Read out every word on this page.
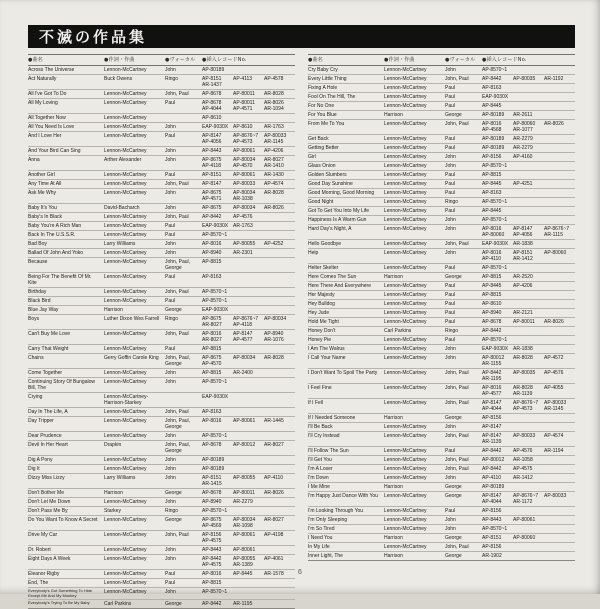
不滅の作品集
●曲名	●作詞・作曲	●ヴォーカル	●挿入レコードNo.
Across The Universe	Lennon-McCartney	John	AP-80189
Act Naturally	Buck Owens	Ringo	AP-8151	AP-4113	AP-4578
AR-1437
All I've Got To Do	Lennon-McCartney	John, Paul	AP-8678	AP-80011	AR-8028
All My Loving	Lennon-McCartney	Paul	AP-8678	AP-80011	AR-8026
AP-4044	AP-4571	AR-1094
All Together Now	Lennon-McCartney	AP-8610
All You Need Is Love	Lennon-McCartney	John	EAP-9030X AP-8610	AR-1763
And I Love Her	Lennon-McCartney	Paul	AP-8147	AP-8676~7	AP-80033
AP-4056	AP-4573	AR-1145
And Your Bird Can Sing	Lennon-McCartney	John	AP-8443	AP-80061	AP-4206
Anna	Arther Alexander	John	AP-8675	AP-80034	AR-8027
AP-4118	AP-4570	AR-1410
Another Girl	Lennon-McCartney	Paul	AP-8151	AP-80061	AR-1430
Any Time At All	Lennon-McCartney	John, Paul	AP-8147	AP-80033	AP-4574
Ask Me Why	Lennon-McCartney	John	AP-8675	AP-80034	AR-8028
AP-4571	AR-1038
Baby It's You	David-Bacharch	John	AP-8675	AP-80034	AR-8026
Baby's In Black	Lennon-McCartney	John, Paul	AP-8442	AP-4576
Baby You're A Rich Man	Lennon-McCartney	Paul	EAP-9030X AR-1763
Back In The U.S.S.R.	Lennon-McCartney	Paul	AP-8570~1
Bad Boy	Larry Williams	John	AP-8016	AP-80055	AP-4252
Ballad Of John And Yoko	Lennon-McCartney	John	AP-8940	AR-2301
Because	Lennon-McCartney	John, Paul, George
AP-8815
Being For The Benefit Of Mr. Kite
Lennon-McCartney	Paul	AP-8163
Birthday	Lennon-McCartney	John, Paul	AP-8570~1
Black Bird	Lennon-McCartney	Paul	AP-8570~1
Blue Jay Way	Harrison	George	EAP-9030X
Boys	Luther Dixon Wes Farrell	Ringo	AP-8675	AP-8676~7	AP-80034
AR-8027	AP-4118
Can't Buy Me Love	Lennon-McCartney	John, Paul	AP-8016	AP-8147	AP-8940
AR-8027	AP-4577	AR-1076
Carry That Weight	Lennon-McCartney	Paul	AP-8815
Chains	Gerry Goffin Carole King	John, Paul, George
AP-8675	AP-80034	AR-8028
AP-4570
Come Together	Lennon-McCartney	John	AP-8815	AR-2400
Continuing Story Of Bungalow Bill, The
Lennon-McCartney	John	AP-8570~1
Crying	Lennon-McCartney-Harrison-Starkey
EAP-9030X
Day In The Life, A	Lennon-McCartney	John, Paul	AP-8163
Day Tripper	Lennon-McCartney	John, Paul, George
AP-8016	AP-80061	AR-1445
Dear Prudence	Lennon-McCartney	John	AP-8570~1
Devil In Her Heart	Drapkin	John, Paul, George
AP-8678	AP-80012	AR-8027
Dig A Pony	Lennon-McCartney	John	AP-80189
Dig It	Lennon-McCartney	John	AP-80189
Dizzy Miss Lizzy	Larry Williams	John	AP-8151	AP-80055	AP-4110
AR-1415
Don't Bother Me	Harrison	George	AP-8678	AP-80011	AR-8026
Don't Let Me Down	Lennon-McCartney	John	AP-8940	AR-2279
Don't Pass Me By	Starkey	Ringo	AP-8570~1
Do You Want To Know A Secret	Lennon-McCartney	George	AP-8675	AP-80034	AR-8027
AP-4569	AR-1098
Drive My Car	Lennon-McCartney	John, Paul	AP-8156	AP-80061	AP-4198
AP-4575
Dr. Robert	Lennon-McCartney	John	AP-8443	AP-80061
Eight Days A Week	Lennon-McCartney	John	AP-8442	AP-80055	AP-4061
AP-4575	AR-1389
Eleanor Rigby	Lennon-McCartney	Paul	AP-8016	AP-8445	AR-1578
End, The	Lennon-McCartney	Paul	AP-8815
Everybody's Got Something To Hide Except Me And My Monkey
Lennon-McCartney	John	AP-8570~1
Everybody's Trying To Be My Baby	Carl Parkins	George	AP-8442	AR-1195
●曲名	●作詞・作曲	●ヴォーカル	●挿入レコードNo.
Cry Baby Cry	Lennon-McCartney	John	AP-8570~1
Every Little Thing	Lennon-McCartney	John, Paul	AP-8442	AP-80035	AR-1192
Fixing A Hole	Lennon-McCartney	Paul	AP-8163
Fool On The Hill, The	Lennon-McCartney	Paul	EAP-9030X
For No One	Lennon-McCartney	Paul	AP-8445
For You Blue	Harrison	George	AP-80189	AR-2611
From Me To You	Lennon-McCartney	John, Paul	AP-8016	AP-80060	AR-8026
AP-4568	AR-1077
Get Back	Lennon-McCartney	Paul	AP-80189	AR-2279
Getting Better	Lennon-McCartney	Paul	AP-80189	AR-2279
Girl	Lennon-McCartney	John	AP-8156	AP-4160
Glass Onion	Lennon-McCartney	John	AP-8570~1
Golden Slumbers	Lennon-McCartney	Paul	AP-8815
Good Day Sunshine	Lennon-McCartney	Paul	AP-8445	AP-4251
Good Morning, Good Morning	Lennon-McCartney	Paul	AP-8163
Good Night	Lennon-McCartney	Ringo	AP-8570~1
Got To Get You Into My Life	Lennon-McCartney	Paul	AP-8445
Happiness Is A Warm Gun	Lennon-McCartney	John	AP-8570~1
Hard Day's Night, A	Lennon-McCartney	John	AP-8016	AP-8147	AP-8676~7
AP-80060	AP-4056	AR-1115
Hello Goodbye	Lennon-McCartney	John, Paul	EAP-9030X AR-1838
Help	Lennon-McCartney	John	AP-8016	AP-8151	AP-80060
AP-4110	AR-1412
Helter Skelter	Lennon-McCartney	Paul	AP-8570~1
Here Comes The Sun	Harrison	George	AP-8815	AR-2520
Here There And Everywhere	Lennon-McCartney	Paul	AP-8445	AP-4206
Her Majesty	Lennon-McCartney	Paul	AP-8815
Hey Bulldog	Lennon-McCartney	Paul	AP-8610
Hey Jude	Lennon-McCartney	Paul	AP-8940	AR-2121
Hold Me Tight	Lennon-McCartney	Paul	AP-8678	AP-80011	AR-8026
Honey Don't	Carl Parkins	Ringo	AP-8442
Honey Pie	Lennon-McCartney	Paul	AP-8570~1
I Am The Walrus	Lennon-McCartney	John	EAP-9030X AR-1838
I Call Your Name	Lennon-McCartney	John	AP-80012	AR-8028	AP-4572
AR-1155
I Don't Want To Spoil The Party	Lennon-McCartney	John, Paul	AP-8442	AP-80035	AP-4576
AR-1195
I Feel Fine	Lennon-McCartney	John, Paul	AP-8016	AR-8028	AP-4055
AP-4577	AR-1139
If I Fell	Lennon-McCartney	John, Paul	AP-8147	AP-8676~7	AP-80033
AP-4044	AP-4573	AR-1145
If I Needed Someone	Harrison	George	AP-8156
I'll Be Back	Lennon-McCartney	John	AP-8147
I'll Cry Instead	Lennon-McCartney	John, Paul	AP-8147	AP-80033	AP-4574
AR-1139
I'll Follow The Sun	Lennon-McCartney	Paul	AP-8442	AP-4576	AR-1194
I'll Get You	Lennon-McCartney	John, Paul	AP-80012	AR-1058
I'm A Loser	Lennon-McCartney	John, Paul	AP-8442	AP-4575
I'm Down	Lennon-McCartney	John	AP-4110	AR-1412
I Me Mine	Harrison	George	AP-80189
I'm Happy Just Dance With You	Lennon-McCartney	George	AP-8147	AP-8676~7	AP-80033
AP-4044	AR-1172
I'm Looking Through You	Lennon-McCartney	Paul	AP-8156
I'm Only Sleeping	Lennon-McCartney	John	AP-8443	AP-80061
I'm So Tired	Lennon-McCartney	John	AP-8570~1
I Need You	Harrison	George	AP-8151	AP-80060
In My Life	Lennon-McCartney	John, Paul	AP-8156
Inner Light, The	Harrison	George	AR-1902
6
